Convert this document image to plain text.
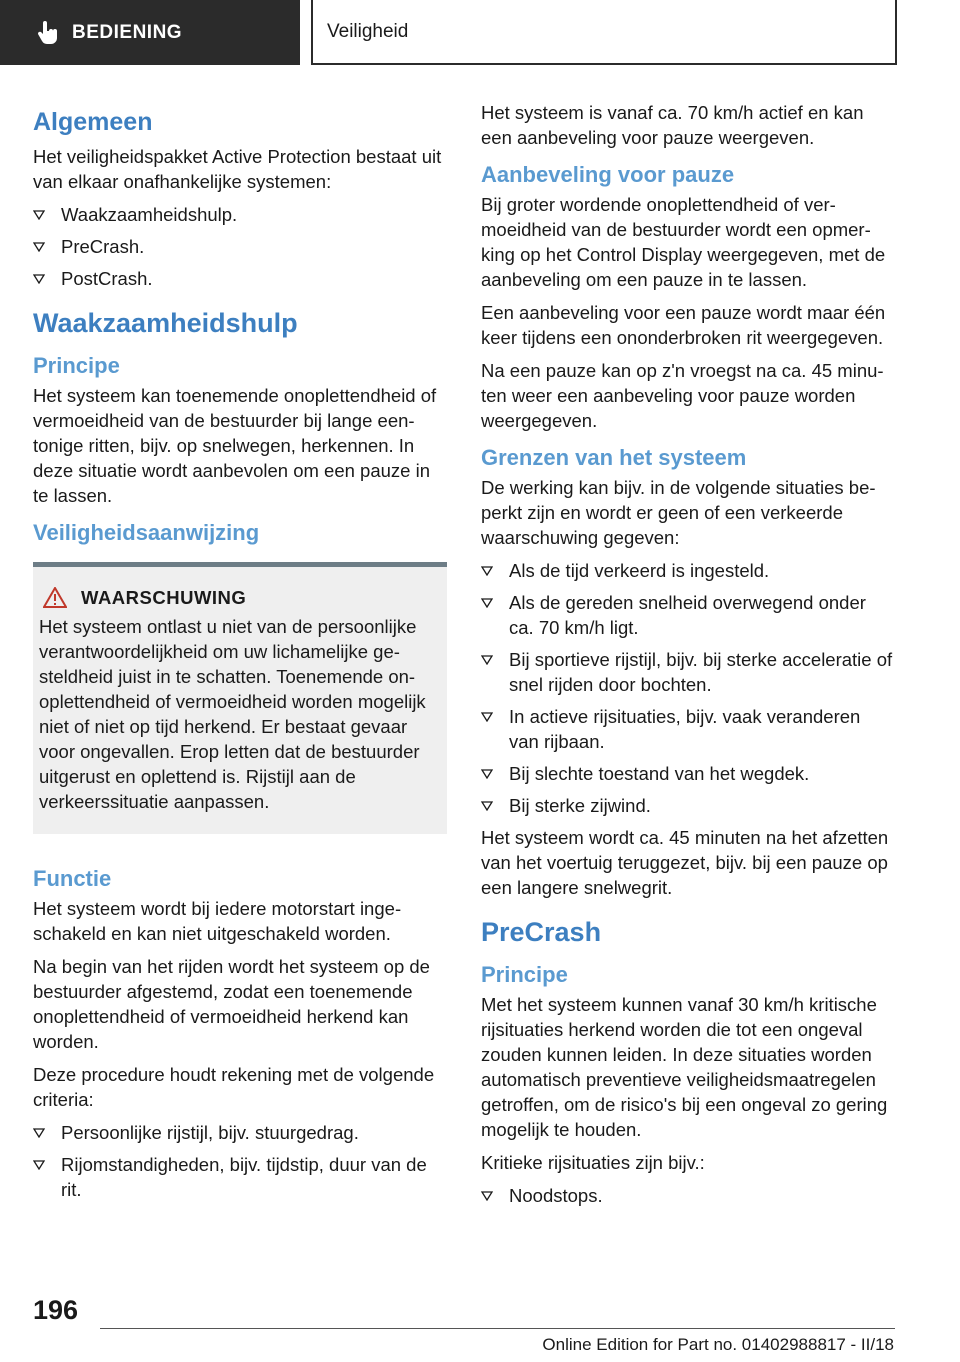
BEDIENING	Veiligheid
Algemeen

Het veiligheidspakket Active Protection bestaat uit van elkaar onafhankelijke systemen:

Waakzaamheidshulp.
PreCrash.
PostCrash.
Waakzaamheidshulp
Principe

Het systeem kan toenemende onoplettendheid of vermoeidheid van de bestuurder bij lange eentonige ritten, bijv. op snelwegen, herkennen. In deze situatie wordt aanbevolen om een pauze in te lassen.

Veiligheidsaanwijzing
WAARSCHUWING

Het systeem ontlast u niet van de persoonlijke verantwoordelijkheid om uw lichamelijke gesteldheid juist in te schatten. Toenemende onoplettendheid of vermoeidheid worden mogelijk niet of niet op tijd herkend. Er bestaat gevaar voor ongevallen. Erop letten dat de bestuurder uitgerust en oplettend is. Rijstijl aan de verkeerssituatie aanpassen.

Functie

Het systeem wordt bij iedere motorstart ingeschakeld en kan niet uitgeschakeld worden.

Na begin van het rijden wordt het systeem op de bestuurder afgestemd, zodat een toenemende onoplettendheid of vermoeidheid herkend kan worden.

Deze procedure houdt rekening met de volgende criteria:

Persoonlijke rijstijl, bijv. stuurgedrag.
Rijomstandigheden, bijv. tijdstip, duur van de rit.

Het systeem is vanaf ca. 70 km/h actief en kan een aanbeveling voor pauze weergeven.

Aanbeveling voor pauze

Bij groter wordende onoplettendheid of vermoeidheid van de bestuurder wordt een opmerking op het Control Display weergegeven, met de aanbeveling om een pauze in te lassen.

Een aanbeveling voor een pauze wordt maar één keer tijdens een ononderbroken rit weergegeven.

Na een pauze kan op z'n vroegst na ca. 45 minuten weer een aanbeveling voor pauze worden weergegeven.

Grenzen van het systeem

De werking kan bijv. in de volgende situaties beperkt zijn en wordt er geen of een verkeerde waarschuwing gegeven:

Als de tijd verkeerd is ingesteld.
Als de gereden snelheid overwegend onder ca. 70 km/h ligt.
Bij sportieve rijstijl, bijv. bij sterke acceleratie of snel rijden door bochten.
In actieve rijsituaties, bijv. vaak veranderen van rijbaan.
Bij slechte toestand van het wegdek.
Bij sterke zijwind.

Het systeem wordt ca. 45 minuten na het afzetten van het voertuig teruggezet, bijv. bij een pauze op een langere snelwegrit.

PreCrash
Principe

Met het systeem kunnen vanaf 30 km/h kritische rijsituaties herkend worden die tot een ongeval zouden kunnen leiden. In deze situaties worden automatisch preventieve veiligheidsmaatregelen getroffen, om de risico's bij een ongeval zo gering mogelijk te houden.

Kritieke rijsituaties zijn bijv.:

Noodstops.
196
Online Edition for Part no. 01402988817 - II/18
